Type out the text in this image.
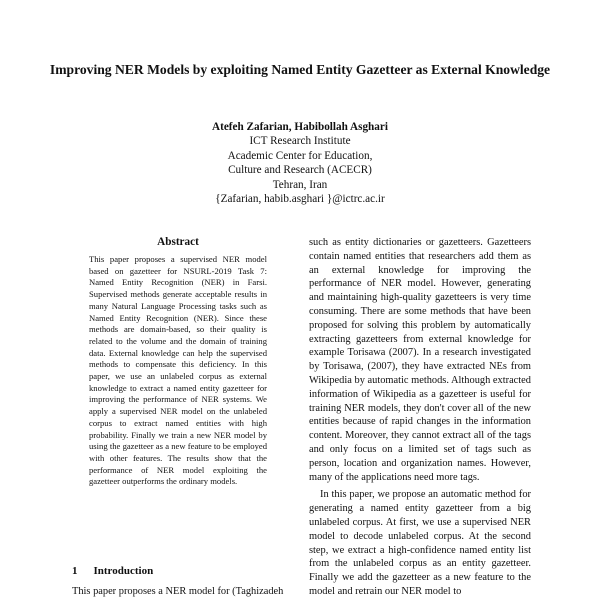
Improving NER Models by exploiting Named Entity Gazetteer as External Knowledge
Atefeh Zafarian, Habibollah Asghari
ICT Research Institute
Academic Center for Education,
Culture and Research (ACECR)
Tehran, Iran
{Zafarian, habib.asghari }@ictrc.ac.ir
Abstract

This paper proposes a supervised NER model based on gazetteer for NSURL-2019 Task 7: Named Entity Recognition (NER) in Farsi. Supervised methods generate acceptable results in many Natural Language Processing tasks such as Named Entity Recognition (NER). Since these methods are domain-based, so their quality is related to the volume and the domain of training data. External knowledge can help the supervised methods to compensate this deficiency. In this paper, we use an unlabeled corpus as external knowledge to extract a named entity gazetteer for improving the performance of NER systems. We apply a supervised NER model on the unlabeled corpus to extract named entities with high probability. Finally we train a new NER model by using the gazetteer as a new feature to be employed with other features. The results show that the performance of NER model exploiting the gazetteer outperforms the ordinary models.

1 Introduction

This paper proposes a NER model for (Taghizadeh

such as entity dictionaries or gazetteers. Gazetteers contain named entities that researchers add them as an external knowledge for improving the performance of NER model. However, generating and maintaining high-quality gazetteers is very time consuming. There are some methods that have been proposed for solving this problem by automatically extracting gazetteers from external knowledge for example Torisawa (2007). In a research investigated by Torisawa, (2007), they have extracted NEs from Wikipedia by automatic methods. Although extracted information of Wikipedia as a gazetteer is useful for training NER models, they don't cover all of the new entities because of rapid changes in the information content. Moreover, they cannot extract all of the tags and only focus on a limited set of tags such as person, location and organization names. However, many of the applications need more tags.

In this paper, we propose an automatic method for generating a named entity gazetteer from a big unlabeled corpus. At first, we use a supervised NER model to decode unlabeled corpus. At the second step, we extract a high-confidence named entity list from the unlabeled corpus as an entity gazetteer. Finally we add the gazetteer as a new feature to the model and retrain our NER model to
